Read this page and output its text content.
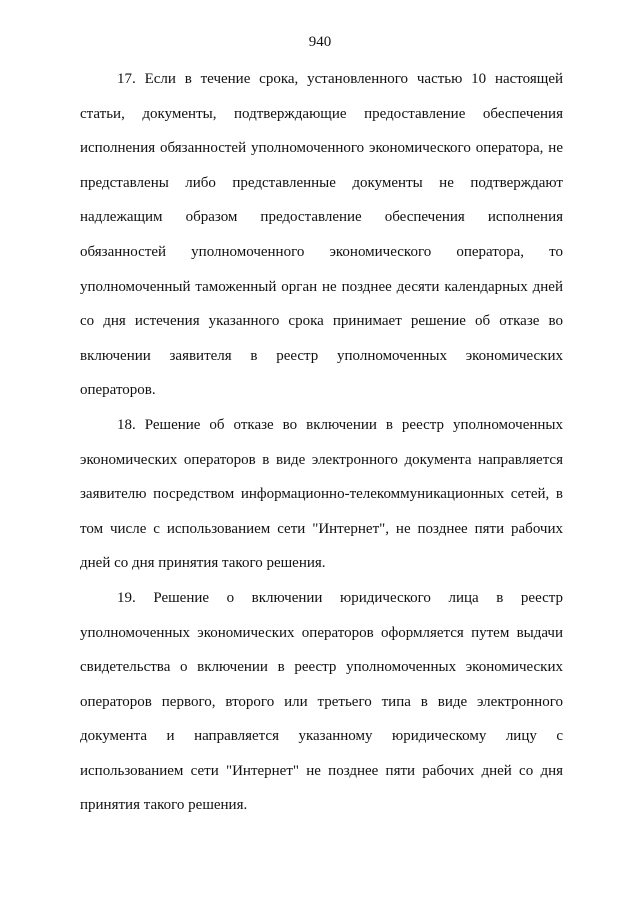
940
17. Если в течение срока, установленного частью 10 настоящей
статьи, документы, подтверждающие предоставление обеспечения
исполнения обязанностей уполномоченного экономического оператора, не
представлены либо представленные документы не подтверждают
надлежащим образом предоставление обеспечения исполнения
обязанностей уполномоченного экономического оператора, то
уполномоченный таможенный орган не позднее десяти календарных дней
со дня истечения указанного срока принимает решение об отказе во
включении заявителя в реестр уполномоченных экономических
операторов.
18. Решение об отказе во включении в реестр уполномоченных
экономических операторов в виде электронного документа направляется
заявителю посредством информационно-телекоммуникационных сетей, в
том числе с использованием сети "Интернет", не позднее пяти рабочих
дней со дня принятия такого решения.
19. Решение о включении юридического лица в реестр
уполномоченных экономических операторов оформляется путем выдачи
свидетельства о включении в реестр уполномоченных экономических
операторов первого, второго или третьего типа в виде электронного
документа и направляется указанному юридическому лицу с
использованием сети "Интернет" не позднее пяти рабочих дней со дня
принятия такого решения.
